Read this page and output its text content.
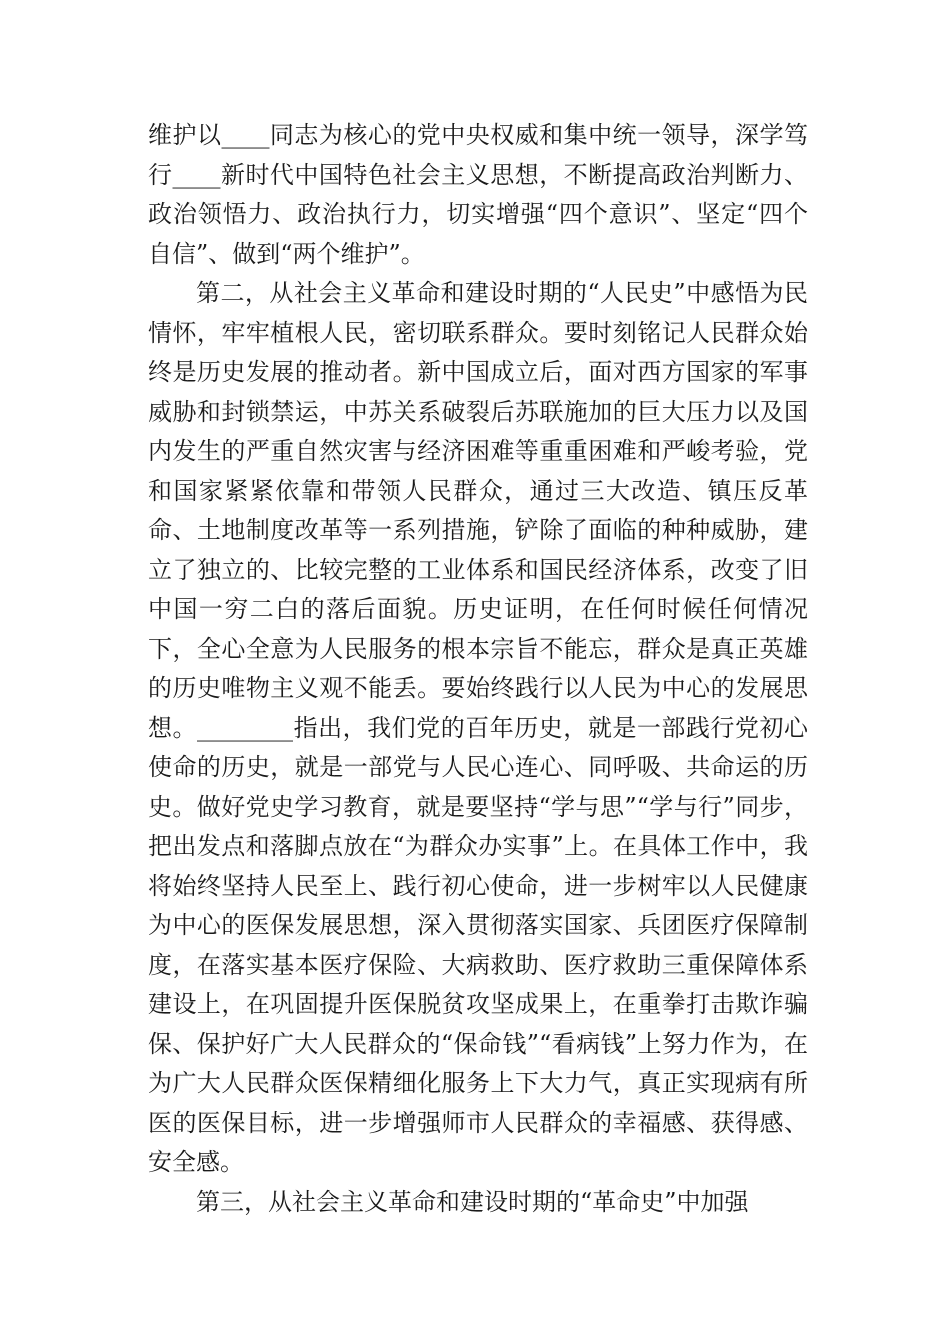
维护以____同志为核心的党中央权威和集中统一领导，深学笃行____新时代中国特色社会主义思想，不断提高政治判断力、政治领悟力、政治执行力，切实增强“四个意识”、坚定“四个自信”、做到“两个维护”。

第二，从社会主义革命和建设时期的“人民史”中感悟为民情怀，牢牢植根人民，密切联系群众。要时刻铭记人民群众始终是历史发展的推动者。新中国成立后，面对西方国家的军事威胁和封锁禁运，中苏关系破裂后苏联施加的巨大压力以及国内发生的严重自然灾害与经济困难等重重困难和严峻考验，党和国家紧紧依靠和带领人民群众，通过三大改造、镇压反革命、土地制度改革等一系列措施，铲除了面临的种种威胁，建立了独立的、比较完整的工业体系和国民经济体系，改变了旧中国一穷二白的落后面貌。历史证明，在任何时候任何情况下，全心全意为人民服务的根本宗旨不能忘，群众是真正英雄的历史唯物主义观不能丢。要始终践行以人民为中心的发展思想。________指出，我们党的百年历史，就是一部践行党初心使命的历史，就是一部党与人民心连心、同呼吸、共命运的历史。做好党史学习教育，就是要坚持“学与思”“学与行”同步，把出发点和落脚点放在“为群众办实事”上。在具体工作中，我将始终坚持人民至上、践行初心使命，进一步树牢以人民健康为中心的医保发展思想，深入贯彻落实国家、兵团医疗保障制度，在落实基本医疗保险、大病救助、医疗救助三重保障体系建设上，在巩固提升医保脱贫攻坚成果上，在重拳打击欺诈骗保、保护好广大人民群众的“保命钱”“看病钱”上努力作为，在为广大人民群众医保精细化服务上下大力气，真正实现病有所医的医保目标，进一步增强师市人民群众的幸福感、获得感、安全感。

第三，从社会主义革命和建设时期的“革命史”中加强
